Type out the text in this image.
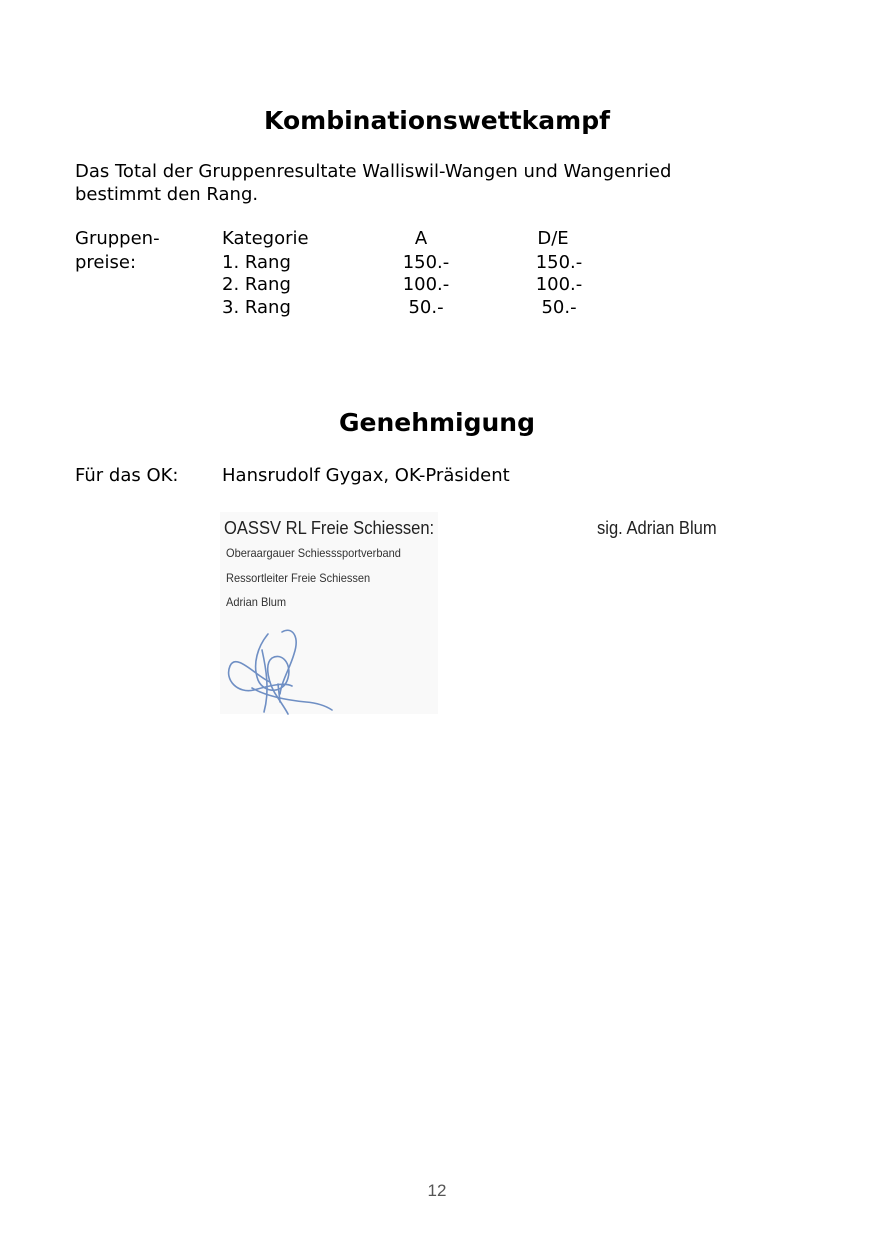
Kombinationswettkampf
Das Total der Gruppenresultate Walliswil-Wangen und Wangenried
bestimmt den Rang.
Gruppen-
preise:
Kategorie	A	D/E
1. Rang	150.-	150.-
2. Rang	100.-	100.-
3. Rang	50.-	50.-
Genehmigung
Für das OK: Hansrudolf Gygax, OK-Präsident
OASSV RL Freie Schiessen:	sig. Adrian Blum
Oberaargauer Schiesssportverband
Ressortleiter Freie Schiessen
Adrian Blum
12
